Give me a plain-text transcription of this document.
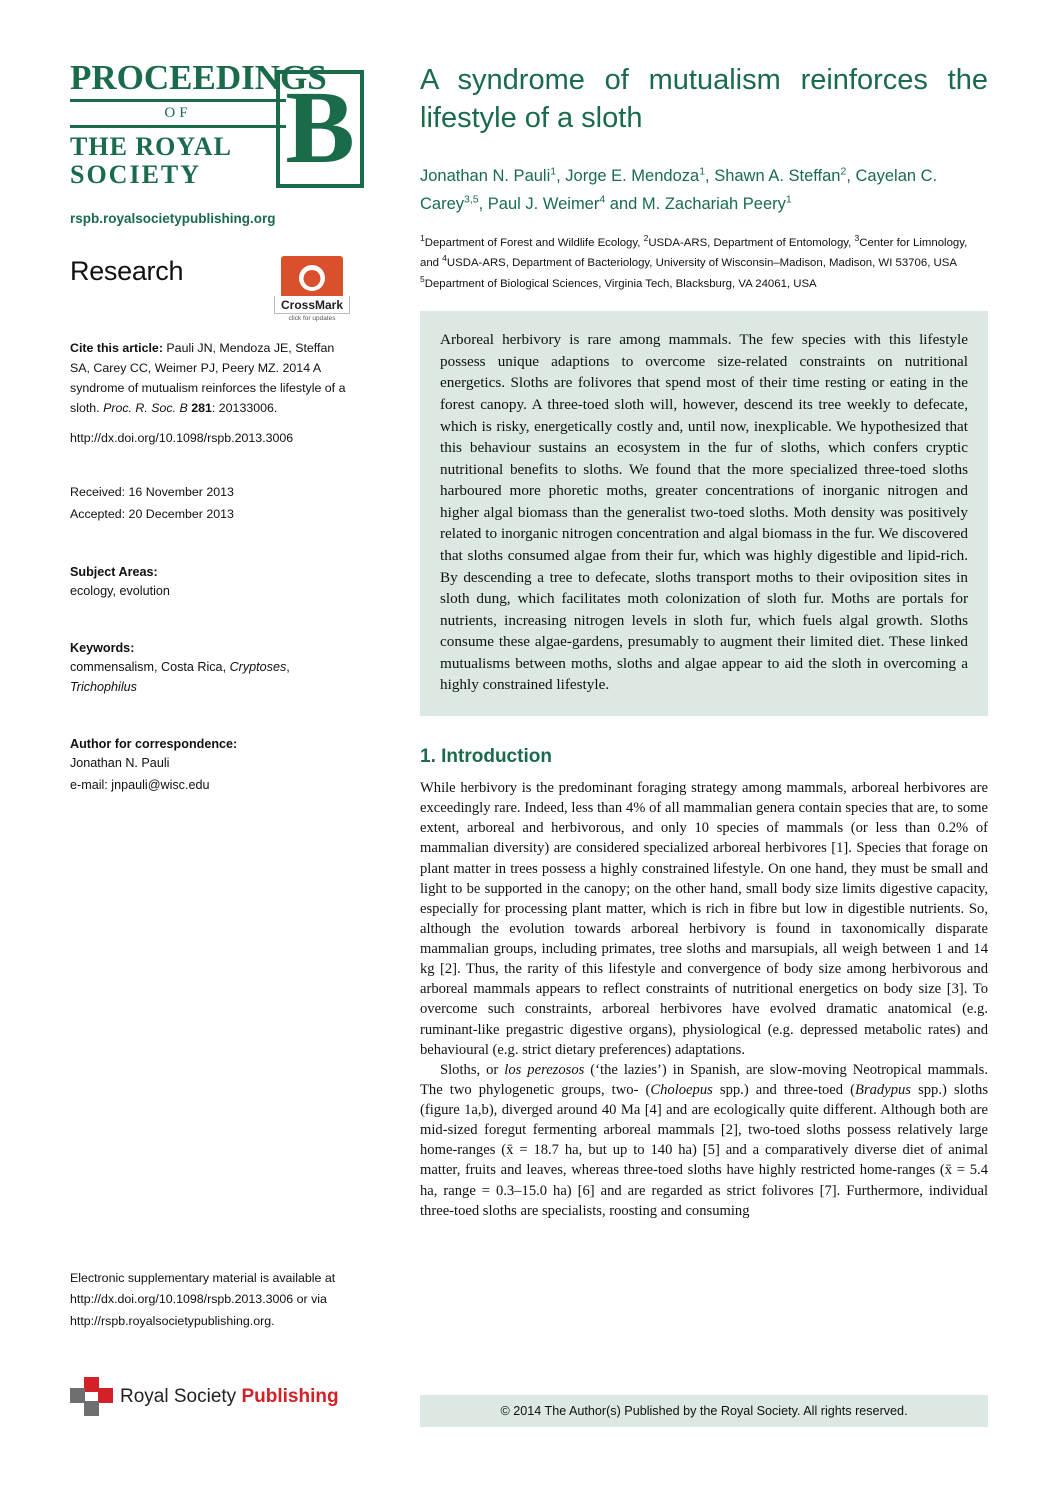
PROCEEDINGS
OF
THE ROYAL
SOCIETY B
rspb.royalsocietypublishing.org
Research
CrossMark
click for updates
Cite this article: Pauli JN, Mendoza JE, Steffan SA, Carey CC, Weimer PJ, Peery MZ. 2014 A syndrome of mutualism reinforces the lifestyle of a sloth. Proc. R. Soc. B 281: 20133006.
http://dx.doi.org/10.1098/rspb.2013.3006
Received: 16 November 2013
Accepted: 20 December 2013
Subject Areas:
ecology, evolution
Keywords:
commensalism, Costa Rica, Cryptoses,
Trichophilus
Author for correspondence:
Jonathan N. Pauli
e-mail: jnpauli@wisc.edu
Electronic supplementary material is available at http://dx.doi.org/10.1098/rspb.2013.3006 or via http://rspb.royalsocietypublishing.org.
Royal Society Publishing
A syndrome of mutualism reinforces the lifestyle of a sloth
Jonathan N. Pauli$^1$, Jorge E. Mendoza$^1$, Shawn A. Steffan$^2$, Cayelan C. Carey$^{3,5}$, Paul J. Weimer$^4$ and M. Zachariah Peery$^1$
$^1$Department of Forest and Wildlife Ecology, $^2$USDA-ARS, Department of Entomology, $^3$Center for Limnology, and $^4$USDA-ARS, Department of Bacteriology, University of Wisconsin–Madison, Madison, WI 53706, USA $^5$Department of Biological Sciences, Virginia Tech, Blacksburg, VA 24061, USA
Arboreal herbivory is rare among mammals. The few species with this lifestyle possess unique adaptions to overcome size-related constraints on nutritional energetics. Sloths are folivores that spend most of their time resting or eating in the forest canopy. A three-toed sloth will, however, descend its tree weekly to defecate, which is risky, energetically costly and, until now, inexplicable. We hypothesized that this behaviour sustains an ecosystem in the fur of sloths, which confers cryptic nutritional benefits to sloths. We found that the more specialized three-toed sloths harboured more phoretic moths, greater concentrations of inorganic nitrogen and higher algal biomass than the generalist two-toed sloths. Moth density was positively related to inorganic nitrogen concentration and algal biomass in the fur. We discovered that sloths consumed algae from their fur, which was highly digestible and lipid-rich. By descending a tree to defecate, sloths transport moths to their oviposition sites in sloth dung, which facilitates moth colonization of sloth fur. Moths are portals for nutrients, increasing nitrogen levels in sloth fur, which fuels algal growth. Sloths consume these algae-gardens, presumably to augment their limited diet. These linked mutualisms between moths, sloths and algae appear to aid the sloth in overcoming a highly constrained lifestyle.
1. Introduction

While herbivory is the predominant foraging strategy among mammals, arboreal herbivores are exceedingly rare. Indeed, less than 4% of all mammalian genera contain species that are, to some extent, arboreal and herbivorous, and only 10 species of mammals (or less than 0.2% of mammalian diversity) are considered specialized arboreal herbivores [1]. Species that forage on plant matter in trees possess a highly constrained lifestyle. On one hand, they must be small and light to be supported in the canopy; on the other hand, small body size limits digestive capacity, especially for processing plant matter, which is rich in fibre but low in digestible nutrients. So, although the evolution towards arboreal herbivory is found in taxonomically disparate mammalian groups, including primates, tree sloths and marsupials, all weigh between 1 and 14 kg [2]. Thus, the rarity of this lifestyle and convergence of body size among herbivorous and arboreal mammals appears to reflect constraints of nutritional energetics on body size [3]. To overcome such constraints, arboreal herbivores have evolved dramatic anatomical (e.g. ruminant-like pregastric digestive organs), physiological (e.g. depressed metabolic rates) and behavioural (e.g. strict dietary preferences) adaptations.

Sloths, or los perezosos (‘the lazies’) in Spanish, are slow-moving Neotropical mammals. The two phylogenetic groups, two- (Choloepus spp.) and three-toed (Bradypus spp.) sloths (figure 1a,b), diverged around 40 Ma [4] and are ecologically quite different. Although both are mid-sized foregut fermenting arboreal mammals [2], two-toed sloths possess relatively large home-ranges (x̄ = 18.7 ha, but up to 140 ha) [5] and a comparatively diverse diet of animal matter, fruits and leaves, whereas three-toed sloths have highly restricted home-ranges (x̄ = 5.4 ha, range = 0.3–15.0 ha) [6] and are regarded as strict folivores [7]. Furthermore, individual three-toed sloths are specialists, roosting and consuming

© 2014 The Author(s) Published by the Royal Society. All rights reserved.
